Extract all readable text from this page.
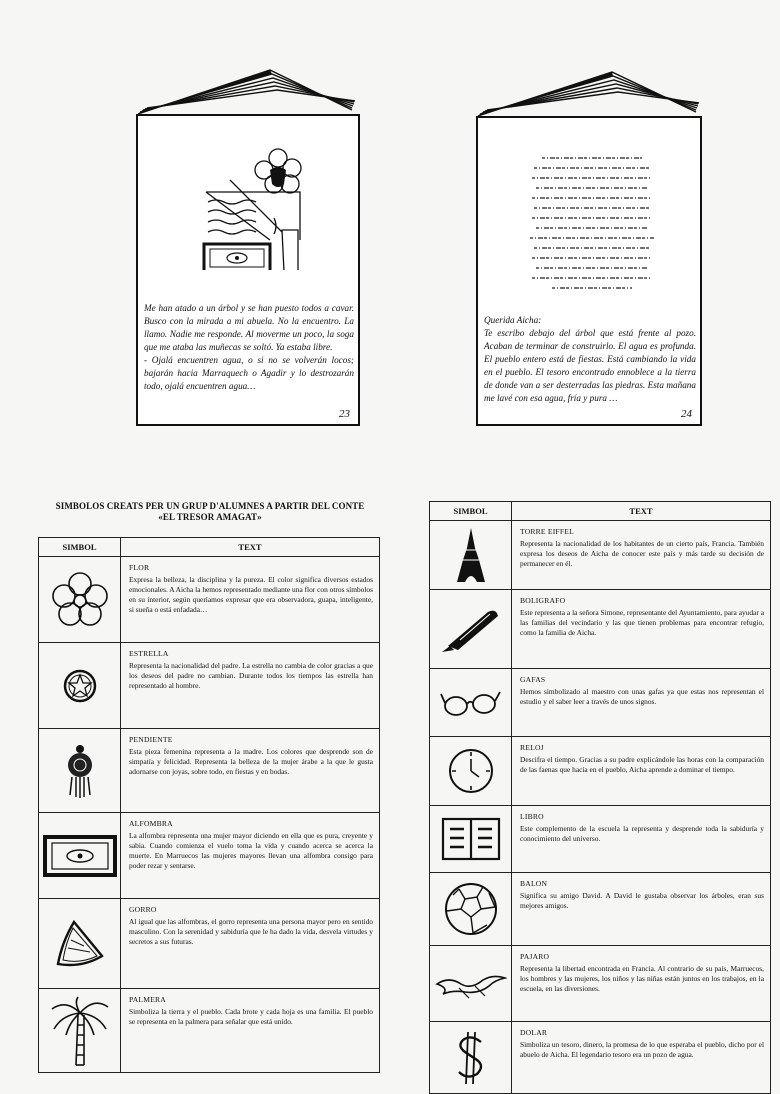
Me han atado a un árbol y se han puesto todos a cavar. Busco con la mirada a mi abuela. No la encuentro. La llamo. Nadie me responde. Al moverme un poco, la soga que me ataba las muñecas se soltó. Ya estaba libre.
- Ojalá encuentren agua, o si no se volverán locos; bajarán hacia Marraquech o Agadir y lo destrozarán todo, ojalá encuentren agua…
23
Querida Aicha:
Te escribo debajo del árbol que está frente al pozo. Acaban de terminar de construirlo. El agua es profunda. El pueblo entero está de fiestas. Está cambiando la vida en el pueblo. El tesoro encontrado ennoblece a la tierra de donde van a ser desterradas las piedras. Esta mañana me lavé con esa agua, fría y pura …
24
SIMBOLOS CREATS PER UN GRUP D'ALUMNES A PARTIR DEL CONTE
«EL TRESOR AMAGAT»
SIMBOL	TEXT

FLOR
Expresa la belleza, la disciplina y la pureza. El color significa diversos estados emocionales. A Aicha la hemos representado mediante una flor con otros símbolos en su interior, según queríamos expresar que era observadora, guapa, inteligente, si sueña o está enfadada…

ESTRELLA
Representa la nacionalidad del padre. La estrella no cambia de color gracias a que los deseos del padre no cambian. Durante todos los tiempos las estrella han representado al hombre.

PENDIENTE
Esta pieza femenina representa a la madre. Los colores que desprende son de simpatía y felicidad. Representa la belleza de la mujer árabe a la que le gusta adornarse con joyas, sobre todo, en fiestas y en bodas.

ALFOMBRA
La alfombra representa una mujer mayor diciendo en ella que es pura, creyente y sabia. Cuando comienza el vuelo toma la vida y cuando acerca se acerca la muerte. En Marruecos las mujeres mayores llevan una alfombra consigo para poder rezar y sentarse.

GORRO
Al igual que las alfombras, el gorro representa una persona mayor pero en sentido masculino. Con la serenidad y sabiduría que le ha dado la vida, desvela virtudes y secretos a sus futuras.

PALMERA
Simboliza la tierra y el pueblo. Cada brote y cada hoja es una familia. El pueblo se representa en la palmera para señalar que está unido.
SIMBOL	TEXT

TORRE EIFFEL
Representa la nacionalidad de los habitantes de un cierto país, Francia. También expresa los deseos de Aicha de conocer este país y más tarde su decisión de permanecer en él.

BOLIGRAFO
Este representa a la señora Simone, representante del Ayuntamiento, para ayudar a las familias del vecindario y las que tienen problemas para encontrar refugio, como la familia de Aicha.

GAFAS
Hemos simbolizado al maestro con unas gafas ya que estas nos representan el estudio y el saber leer a través de unos signos.

RELOJ
Descifra el tiempo. Gracias a su padre explicándole las horas con la comparación de las faenas que hacía en el pueblo, Aicha aprende a dominar el tiempo.

LIBRO
Este complemento de la escuela la representa y desprende toda la sabiduría y conocimiento del universo.

BALON
Significa su amigo David. A David le gustaba observar los árboles, eran sus mejores amigos.

PAJARO
Representa la libertad encontrada en Francia. Al contrario de su país, Marruecos, los hombres y las mujeres, los niños y las niñas están juntos en los trabajos, en la escuela, en las diversiones.

DOLAR
Simboliza un tesoro, dinero, la promesa de lo que esperaba el pueblo, dicho por el abuelo de Aicha. El legendario tesoro era un pozo de agua.
